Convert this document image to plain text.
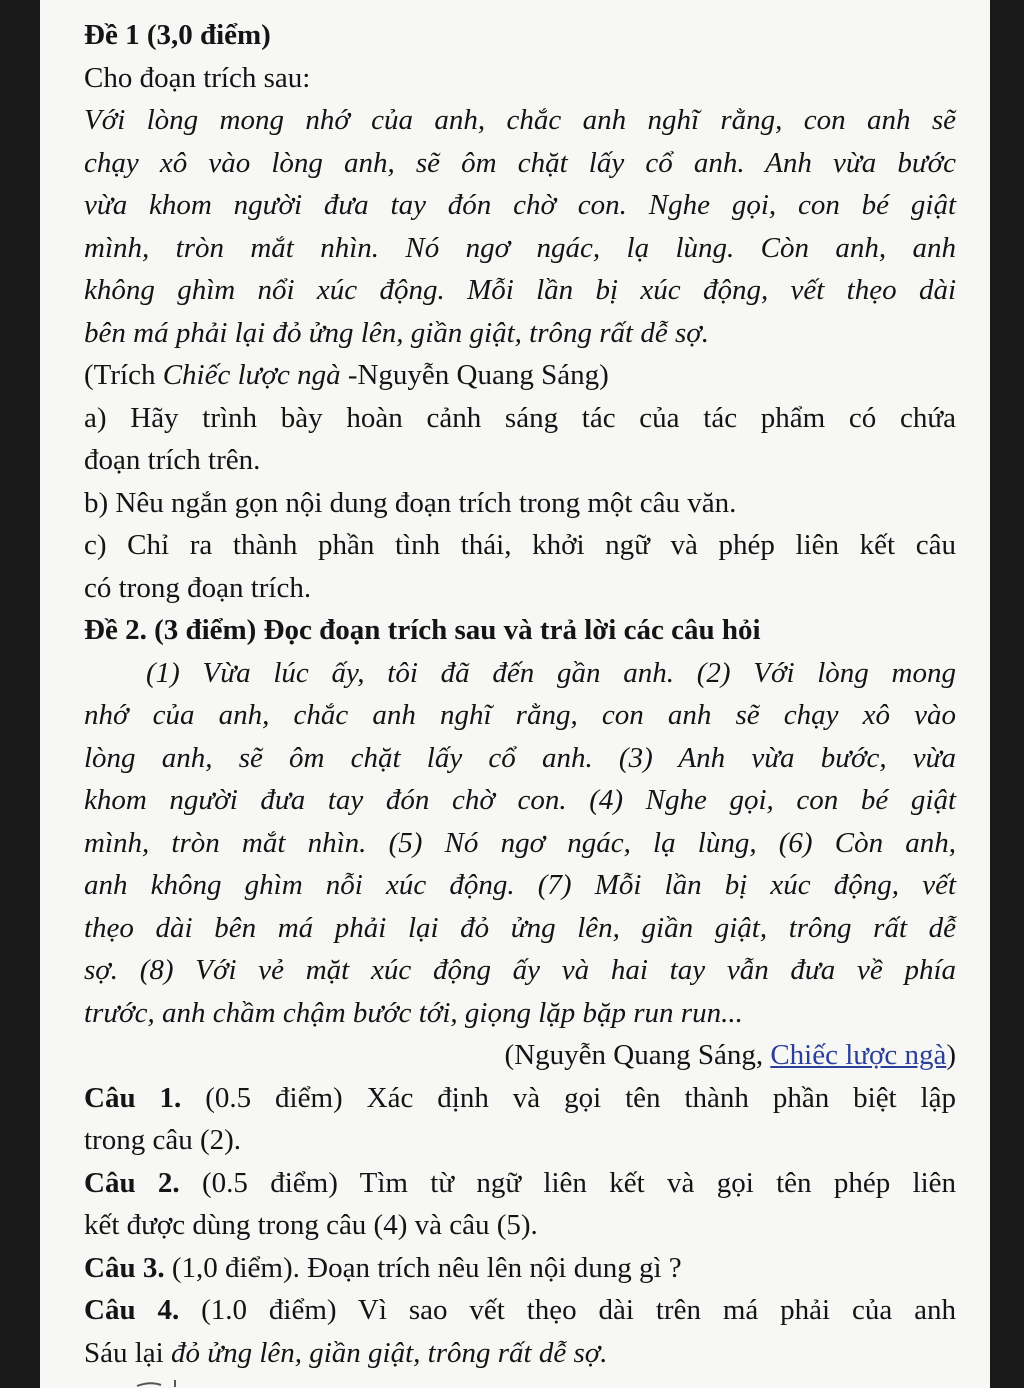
Đề 1 (3,0 điểm)
Cho đoạn trích sau:
Với lòng mong nhớ của anh, chắc anh nghĩ rằng, con anh sẽ
chạy xô vào lòng anh, sẽ ôm chặt lấy cổ anh. Anh vừa bước
vừa khom người đưa tay đón chờ con. Nghe gọi, con bé giật
mình, tròn mắt nhìn. Nó ngơ ngác, lạ lùng. Còn anh, anh
không ghìm nổi xúc động. Mỗi lần bị xúc động, vết thẹo dài
bên má phải lại đỏ ửng lên, giần giật, trông rất dễ sợ.
(Trích Chiếc lược ngà -Nguyễn Quang Sáng)
a) Hãy trình bày hoàn cảnh sáng tác của tác phẩm có chứa
đoạn trích trên.
b) Nêu ngắn gọn nội dung đoạn trích trong một câu văn.
c) Chỉ ra thành phần tình thái, khởi ngữ và phép liên kết câu
có trong đoạn trích.
Đề 2. (3 điểm) Đọc đoạn trích sau và trả lời các câu hỏi
(1) Vừa lúc ấy, tôi đã đến gần anh. (2) Với lòng mong
nhớ của anh, chắc anh nghĩ rằng, con anh sẽ chạy xô vào
lòng anh, sẽ ôm chặt lấy cổ anh. (3) Anh vừa bước, vừa
khom người đưa tay đón chờ con. (4) Nghe gọi, con bé giật
mình, tròn mắt nhìn. (5) Nó ngơ ngác, lạ lùng, (6) Còn anh,
anh không ghìm nỗi xúc động. (7) Mỗi lần bị xúc động, vết
thẹo dài bên má phải lại đỏ ửng lên, giần giật, trông rất dễ
sợ. (8) Với vẻ mặt xúc động ấy và hai tay vẫn đưa về phía
trước, anh chầm chậm bước tới, giọng lặp bặp run run...
(Nguyễn Quang Sáng, Chiếc lược ngà)
Câu 1. (0.5 điểm) Xác định và gọi tên thành phần biệt lập
trong câu (2).
Câu 2. (0.5 điểm) Tìm từ ngữ liên kết và gọi tên phép liên
kết được dùng trong câu (4) và câu (5).
Câu 3. (1,0 điểm). Đoạn trích nêu lên nội dung gì ?
Câu 4. (1.0 điểm) Vì sao vết thẹo dài trên má phải của anh
Sáu lại đỏ ửng lên, giần giật, trông rất dễ sợ.
